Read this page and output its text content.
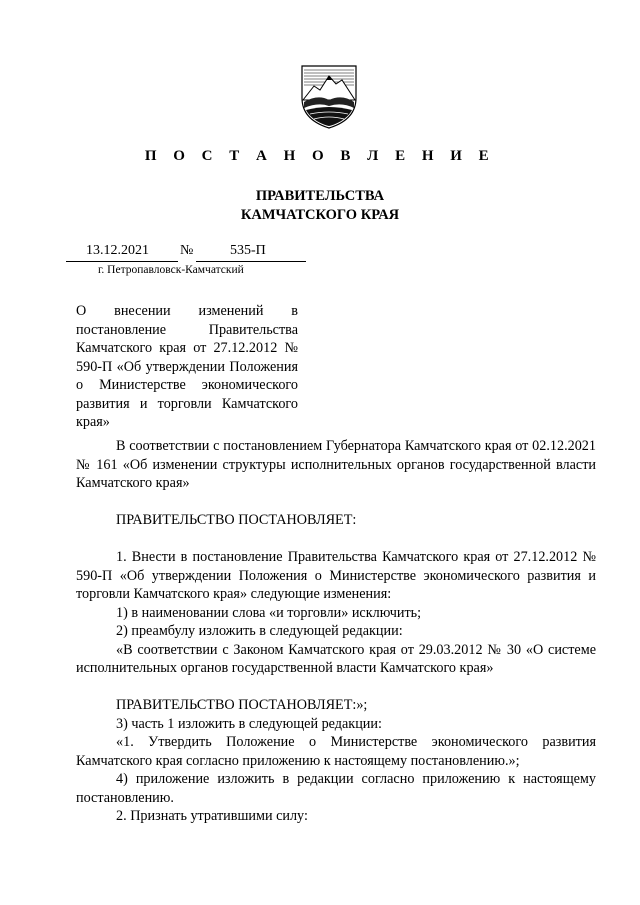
П О С Т А Н О В Л Е Н И Е
ПРАВИТЕЛЬСТВА
КАМЧАТСКОГО КРАЯ
13.12.2021 №	535-П
г. Петропавловск-Камчатский
О внесении изменений в постановление Правительства Камчатского края от 27.12.2012 № 590-П «Об утверждении Положения о Министерстве экономического развития и торговли Камчатского края»

В соответствии с постановлением Губернатора Камчатского края от 02.12.2021 № 161 «Об изменении структуры исполнительных органов государственной власти Камчатского края»

ПРАВИТЕЛЬСТВО ПОСТАНОВЛЯЕТ:

1. Внести в постановление Правительства Камчатского края от 27.12.2012 № 590-П «Об утверждении Положения о Министерстве экономического развития и торговли Камчатского края» следующие изменения:

1) в наименовании слова «и торговли» исключить;

2) преамбулу изложить в следующей редакции:

«В соответствии с Законом Камчатского края от 29.03.2012 № 30 «О системе исполнительных органов государственной власти Камчатского края»

ПРАВИТЕЛЬСТВО ПОСТАНОВЛЯЕТ:»;

3) часть 1 изложить в следующей редакции:

«1. Утвердить Положение о Министерстве экономического развития Камчатского края согласно приложению к настоящему постановлению.»;

4) приложение изложить в редакции согласно приложению к настоящему постановлению.

2. Признать утратившими силу:
